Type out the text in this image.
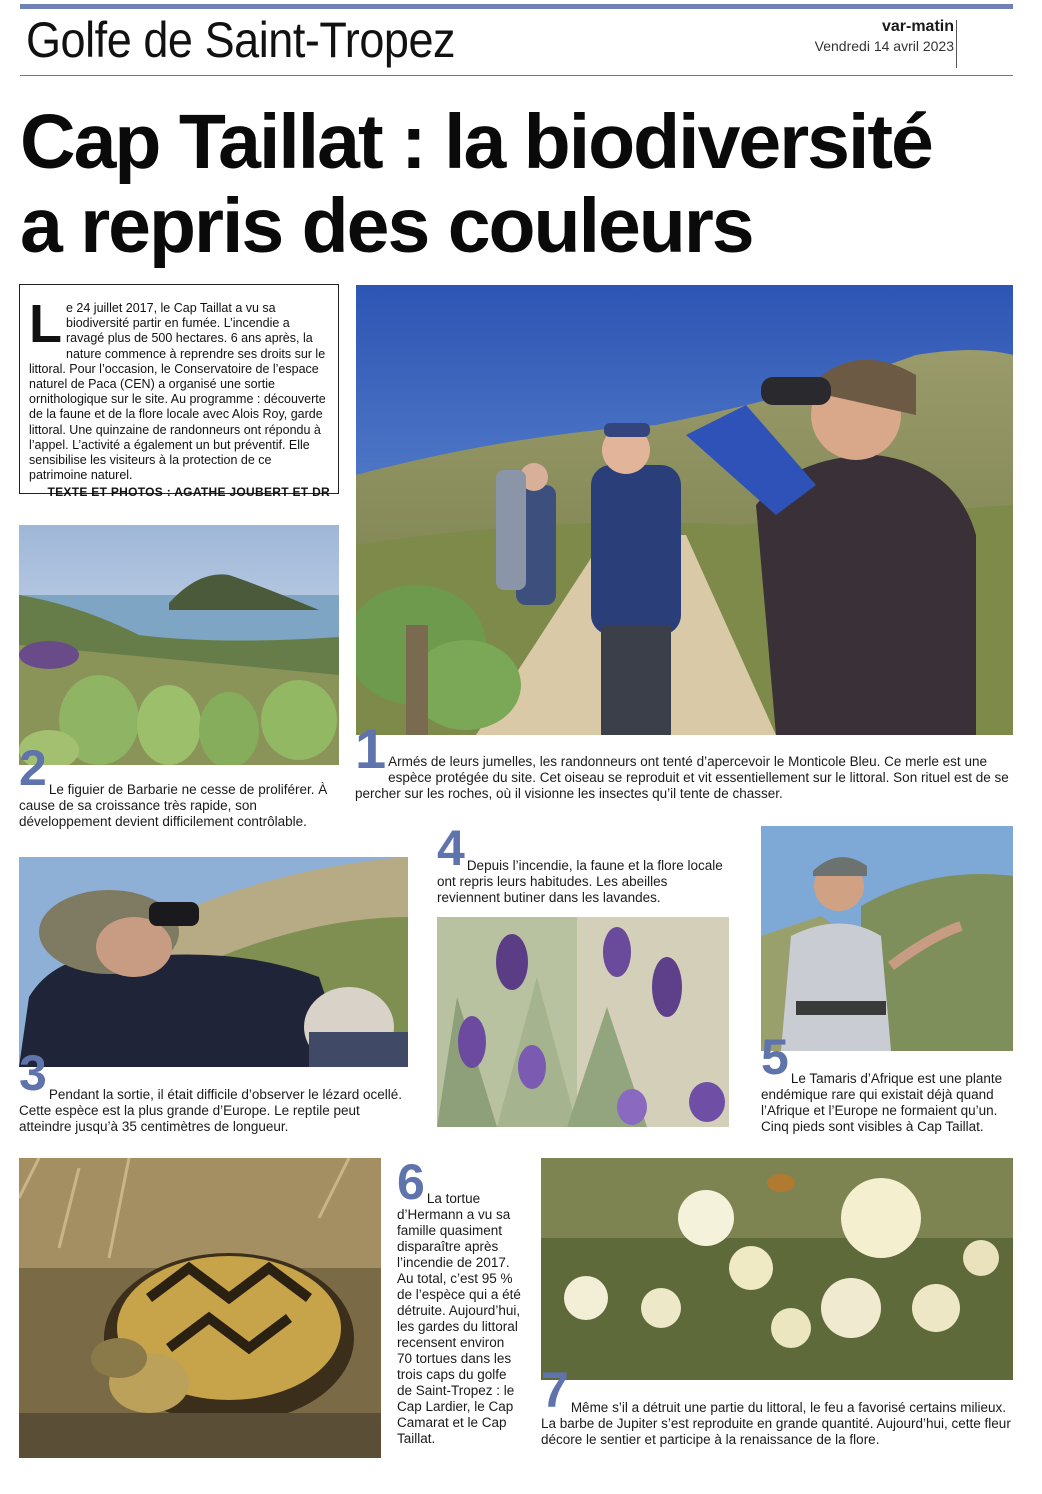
Golfe de Saint-Tropez	var-matin
Vendredi 14 avril 2023
Cap Taillat : la biodiversité
a repris des couleurs
L e 24 juillet 2017, le Cap Taillat a vu sa biodiversité partir en fumée. L’incendie a ravagé plus de 500 hectares. 6 ans après, la nature commence à reprendre ses droits sur le littoral. Pour l’occasion, le Conservatoire de l’espace naturel de Paca (CEN) a organisé une sortie ornithologique sur le site. Au programme : découverte de la faune et de la flore locale avec Alois Roy, garde littoral. Une quinzaine de randonneurs ont répondu à l’appel. L’activité a également un but préventif. Elle sensibilise les visiteurs à la protection de ce patrimoine naturel.
TEXTE ET PHOTOS : AGATHE JOUBERT ET DR
1 Armés de leurs jumelles, les randonneurs ont tenté d’apercevoir le Monticole Bleu. Ce merle est une espèce protégée du site. Cet oiseau se reproduit et vit essentiellement sur le littoral. Son rituel est de se percher sur les roches, où il visionne les insectes qu’il tente de chasser.
2 Le figuier de Barbarie ne cesse de proliférer. À cause de sa croissance très rapide, son développement devient difficilement contrôlable.
3 Pendant la sortie, il était difficile d’observer le lézard ocellé. Cette espèce est la plus grande d’Europe. Le reptile peut atteindre jusqu’à 35 centimètres de longueur.
4 Depuis l’incendie, la faune et la flore locale ont repris leurs habitudes. Les abeilles reviennent butiner dans les lavandes.
5 Le Tamaris d’Afrique est une plante endémique rare qui existait déjà quand l’Afrique et l’Europe ne formaient qu’un. Cinq pieds sont visibles à Cap Taillat.
6 La tortue d’Hermann a vu sa famille quasiment disparaître après l’incendie de 2017. Au total, c’est 95 % de l’espèce qui a été détruite. Aujourd’hui, les gardes du littoral recensent environ 70 tortues dans les trois caps du golfe de Saint-Tropez : le Cap Lardier, le Cap Camarat et le Cap Taillat.
7 Même s’il a détruit une partie du littoral, le feu a favorisé certains milieux. La barbe de Jupiter s’est reproduite en grande quantité. Aujourd’hui, cette fleur décore le sentier et participe à la renaissance de la flore.
